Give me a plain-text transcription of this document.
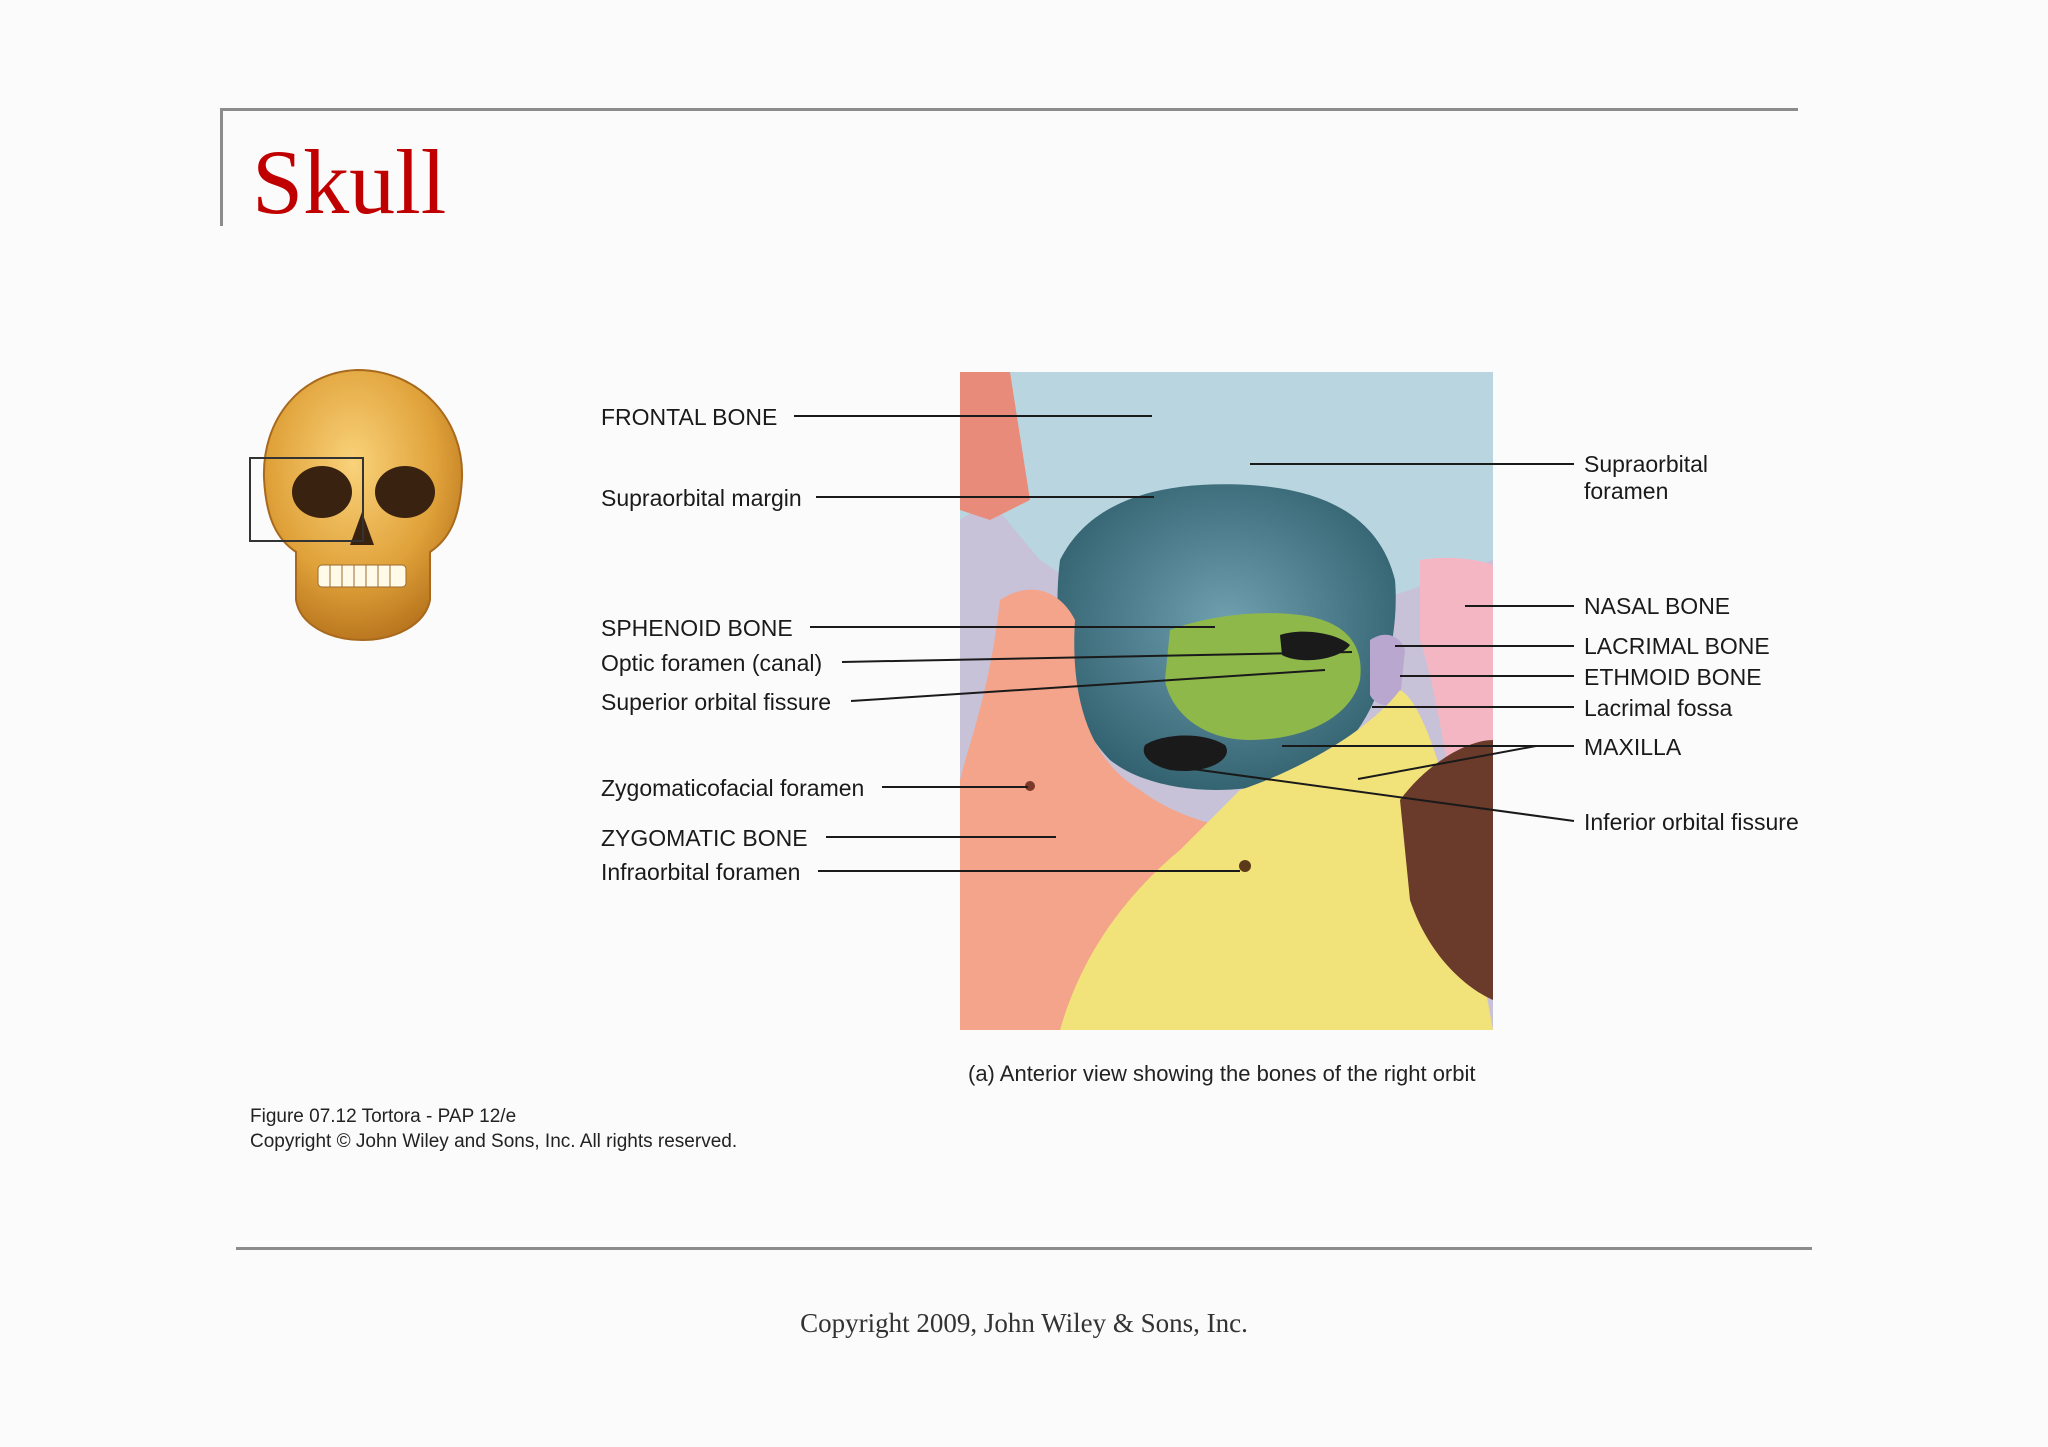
Skull
FRONTAL BONE
Supraorbital margin
SPHENOID BONE
Optic foramen (canal)
Superior orbital fissure
Zygomaticofacial foramen
ZYGOMATIC BONE
Infraorbital foramen
Supraorbital
foramen
NASAL BONE
LACRIMAL BONE
ETHMOID BONE
Lacrimal fossa
MAXILLA
Inferior orbital fissure
(a) Anterior view showing the bones of the right orbit
Figure 07.12 Tortora - PAP 12/e
Copyright © John Wiley and Sons, Inc. All rights reserved.
Copyright 2009, John Wiley & Sons, Inc.
